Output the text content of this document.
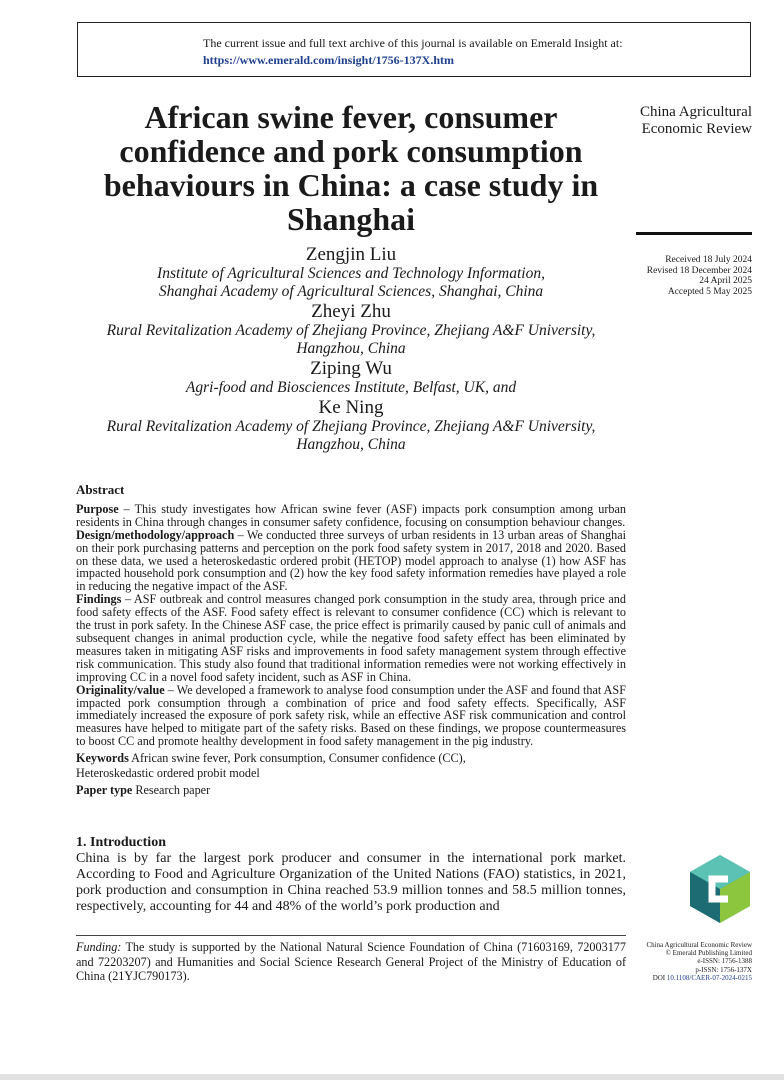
The current issue and full text archive of this journal is available on Emerald Insight at:
https://www.emerald.com/insight/1756-137X.htm
African swine fever, consumer confidence and pork consumption behaviours in China: a case study in Shanghai
China Agricultural
Economic Review
Received 18 July 2024
Revised 18 December 2024
24 April 2025
Accepted 5 May 2025
Zengjin Liu
Institute of Agricultural Sciences and Technology Information,
Shanghai Academy of Agricultural Sciences, Shanghai, China
Zheyi Zhu
Rural Revitalization Academy of Zhejiang Province, Zhejiang A&F University,
Hangzhou, China
Ziping Wu
Agri-food and Biosciences Institute, Belfast, UK, and
Ke Ning
Rural Revitalization Academy of Zhejiang Province, Zhejiang A&F University,
Hangzhou, China
Abstract

Purpose – This study investigates how African swine fever (ASF) impacts pork consumption among urban residents in China through changes in consumer safety confidence, focusing on consumption behaviour changes.

Design/methodology/approach – We conducted three surveys of urban residents in 13 urban areas of Shanghai on their pork purchasing patterns and perception on the pork food safety system in 2017, 2018 and 2020. Based on these data, we used a heteroskedastic ordered probit (HETOP) model approach to analyse (1) how ASF has impacted household pork consumption and (2) how the key food safety information remedies have played a role in reducing the negative impact of the ASF.

Findings – ASF outbreak and control measures changed pork consumption in the study area, through price and food safety effects of the ASF. Food safety effect is relevant to consumer confidence (CC) which is relevant to the trust in pork safety. In the Chinese ASF case, the price effect is primarily caused by panic cull of animals and subsequent changes in animal production cycle, while the negative food safety effect has been eliminated by measures taken in mitigating ASF risks and improvements in food safety management system through effective risk communication. This study also found that traditional information remedies were not working effectively in improving CC in a novel food safety incident, such as ASF in China.

Originality/value – We developed a framework to analyse food consumption under the ASF and found that ASF impacted pork consumption through a combination of price and food safety effects. Specifically, ASF immediately increased the exposure of pork safety risk, while an effective ASF risk communication and control measures have helped to mitigate part of the safety risks. Based on these findings, we propose countermeasures to boost CC and promote healthy development in food safety management in the pig industry.

Keywords African swine fever, Pork consumption, Consumer confidence (CC),
Heteroskedastic ordered probit model

Paper type Research paper

1. Introduction

China is by far the largest pork producer and consumer in the international pork market. According to Food and Agriculture Organization of the United Nations (FAO) statistics, in 2021, pork production and consumption in China reached 53.9 million tonnes and 58.5 million tonnes, respectively, accounting for 44 and 48% of the world’s pork production and

Funding: The study is supported by the National Natural Science Foundation of China (71603169, 72003177 and 72203207) and Humanities and Social Science Research General Project of the Ministry of Education of China (21YJC790173).
China Agricultural Economic Review
© Emerald Publishing Limited
e-ISSN: 1756-1388
p-ISSN: 1756-137X
DOI 10.1108/CAER-07-2024-0215
